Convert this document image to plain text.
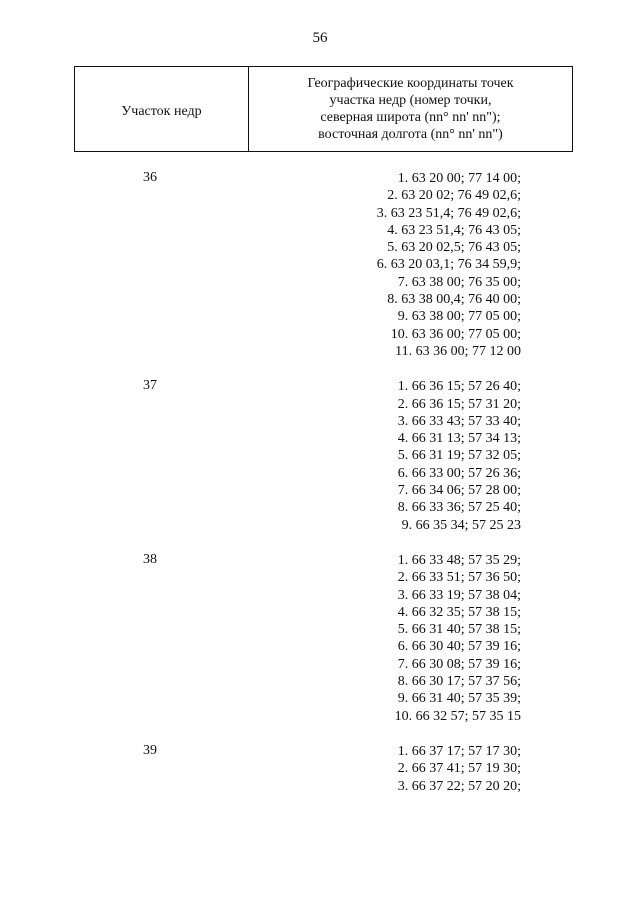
56
Участок недр
Географические координаты точек
участка недр (номер точки,
северная широта (nn° nn' nn");
восточная долгота (nn° nn' nn")
36	1. 63 20 00; 77 14 00;
2. 63 20 02; 76 49 02,6;
3. 63 23 51,4; 76 49 02,6;
4. 63 23 51,4; 76 43 05;
5. 63 20 02,5; 76 43 05;
6. 63 20 03,1; 76 34 59,9;
7. 63 38 00; 76 35 00;
8. 63 38 00,4; 76 40 00;
9. 63 38 00; 77 05 00;
10. 63 36 00; 77 05 00;
11. 63 36 00; 77 12 00
37	1. 66 36 15; 57 26 40;
2. 66 36 15; 57 31 20;
3. 66 33 43; 57 33 40;
4. 66 31 13; 57 34 13;
5. 66 31 19; 57 32 05;
6. 66 33 00; 57 26 36;
7. 66 34 06; 57 28 00;
8. 66 33 36; 57 25 40;
9. 66 35 34; 57 25 23
38	1. 66 33 48; 57 35 29;
2. 66 33 51; 57 36 50;
3. 66 33 19; 57 38 04;
4. 66 32 35; 57 38 15;
5. 66 31 40; 57 38 15;
6. 66 30 40; 57 39 16;
7. 66 30 08; 57 39 16;
8. 66 30 17; 57 37 56;
9. 66 31 40; 57 35 39;
10. 66 32 57; 57 35 15
39	1. 66 37 17; 57 17 30;
2. 66 37 41; 57 19 30;
3. 66 37 22; 57 20 20;
